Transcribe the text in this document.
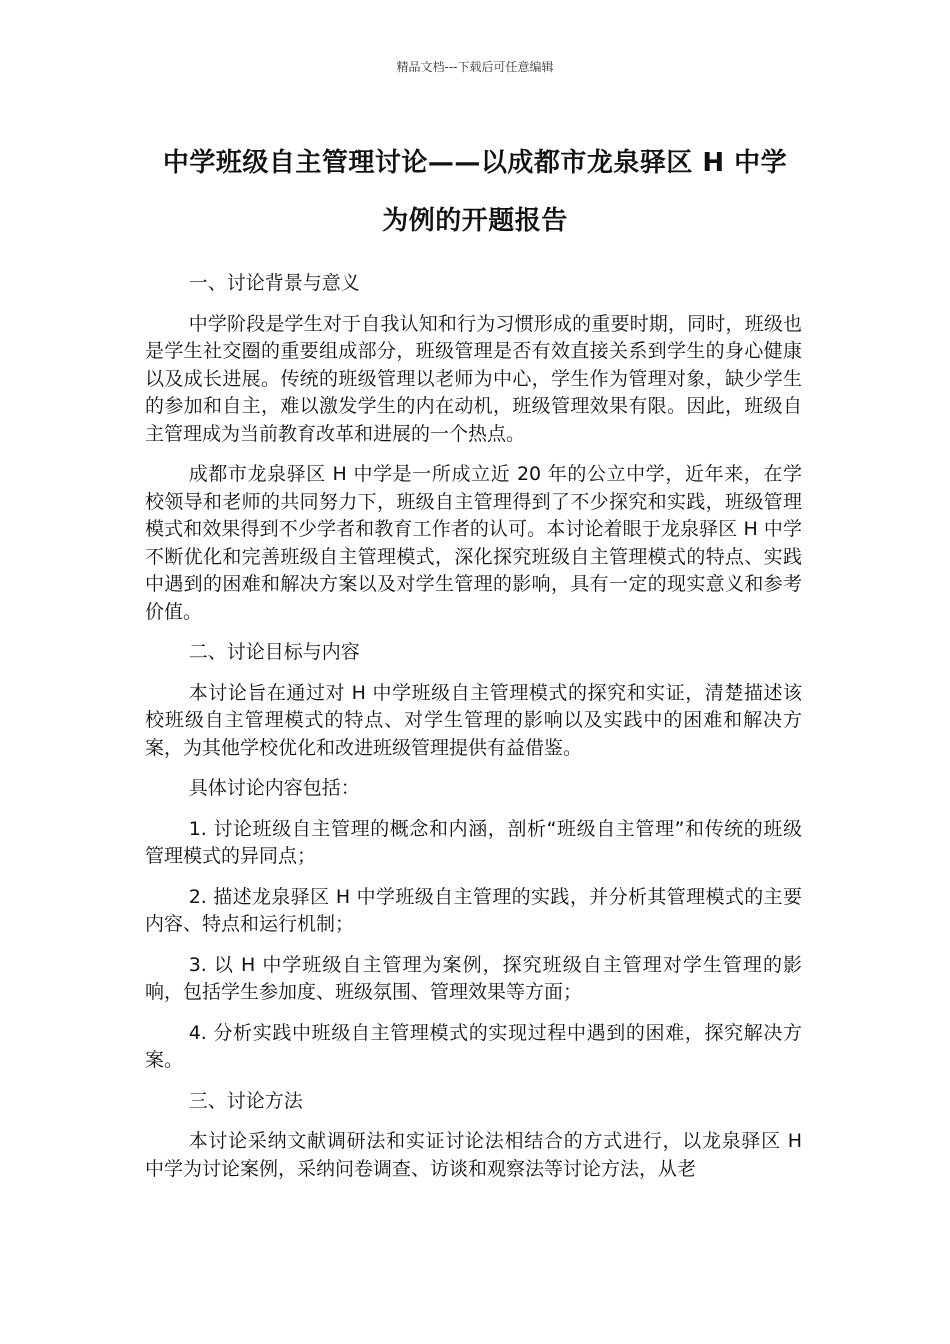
精品文档---下载后可任意编辑
中学班级自主管理讨论——以成都市龙泉驿区 H 中学为例的开题报告
一、讨论背景与意义
中学阶段是学生对于自我认知和行为习惯形成的重要时期，同时，班级也是学生社交圈的重要组成部分，班级管理是否有效直接关系到学生的身心健康以及成长进展。传统的班级管理以老师为中心，学生作为管理对象，缺少学生的参加和自主，难以激发学生的内在动机，班级管理效果有限。因此，班级自主管理成为当前教育改革和进展的一个热点。
成都市龙泉驿区 H 中学是一所成立近 20 年的公立中学，近年来，在学校领导和老师的共同努力下，班级自主管理得到了不少探究和实践，班级管理模式和效果得到不少学者和教育工作者的认可。本讨论着眼于龙泉驿区 H 中学不断优化和完善班级自主管理模式，深化探究班级自主管理模式的特点、实践中遇到的困难和解决方案以及对学生管理的影响，具有一定的现实意义和参考价值。
二、讨论目标与内容
本讨论旨在通过对 H 中学班级自主管理模式的探究和实证，清楚描述该校班级自主管理模式的特点、对学生管理的影响以及实践中的困难和解决方案，为其他学校优化和改进班级管理提供有益借鉴。
具体讨论内容包括：
1. 讨论班级自主管理的概念和内涵，剖析“班级自主管理”和传统的班级管理模式的异同点；
2. 描述龙泉驿区 H 中学班级自主管理的实践，并分析其管理模式的主要内容、特点和运行机制；
3. 以 H 中学班级自主管理为案例，探究班级自主管理对学生管理的影响，包括学生参加度、班级氛围、管理效果等方面；
4. 分析实践中班级自主管理模式的实现过程中遇到的困难，探究解决方案。
三、讨论方法
本讨论采纳文献调研法和实证讨论法相结合的方式进行，以龙泉驿区 H 中学为讨论案例，采纳问卷调查、访谈和观察法等讨论方法，从老
